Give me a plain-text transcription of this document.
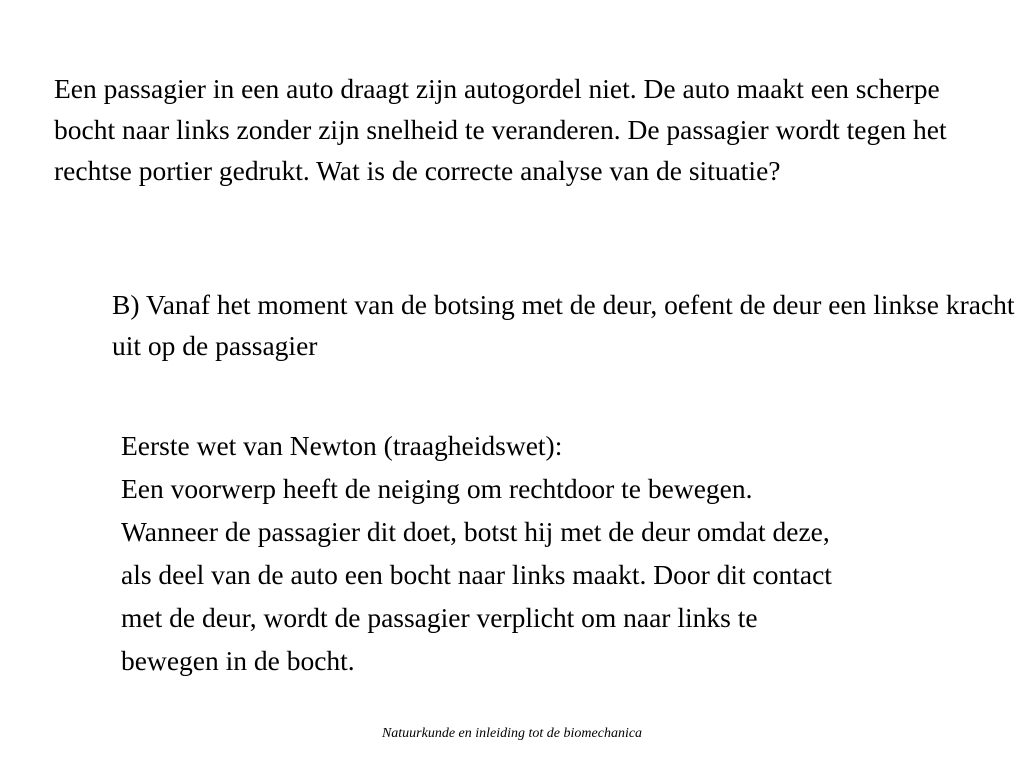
Een passagier in een auto draagt zijn autogordel niet. De auto maakt een scherpe bocht naar links zonder zijn snelheid te veranderen. De passagier wordt tegen het rechtse portier gedrukt. Wat is de correcte analyse van de situatie?

B) Vanaf het moment van de botsing met de deur, oefent de deur een linkse kracht uit op de passagier

Eerste wet van Newton (traagheidswet):
Een voorwerp heeft de neiging om rechtdoor te bewegen.
Wanneer de passagier dit doet, botst hij met de deur omdat deze,
als deel van de auto een bocht naar links maakt. Door dit contact
met de deur, wordt de passagier verplicht om naar links te
bewegen in de bocht.

Natuurkunde en inleiding tot de biomechanica
